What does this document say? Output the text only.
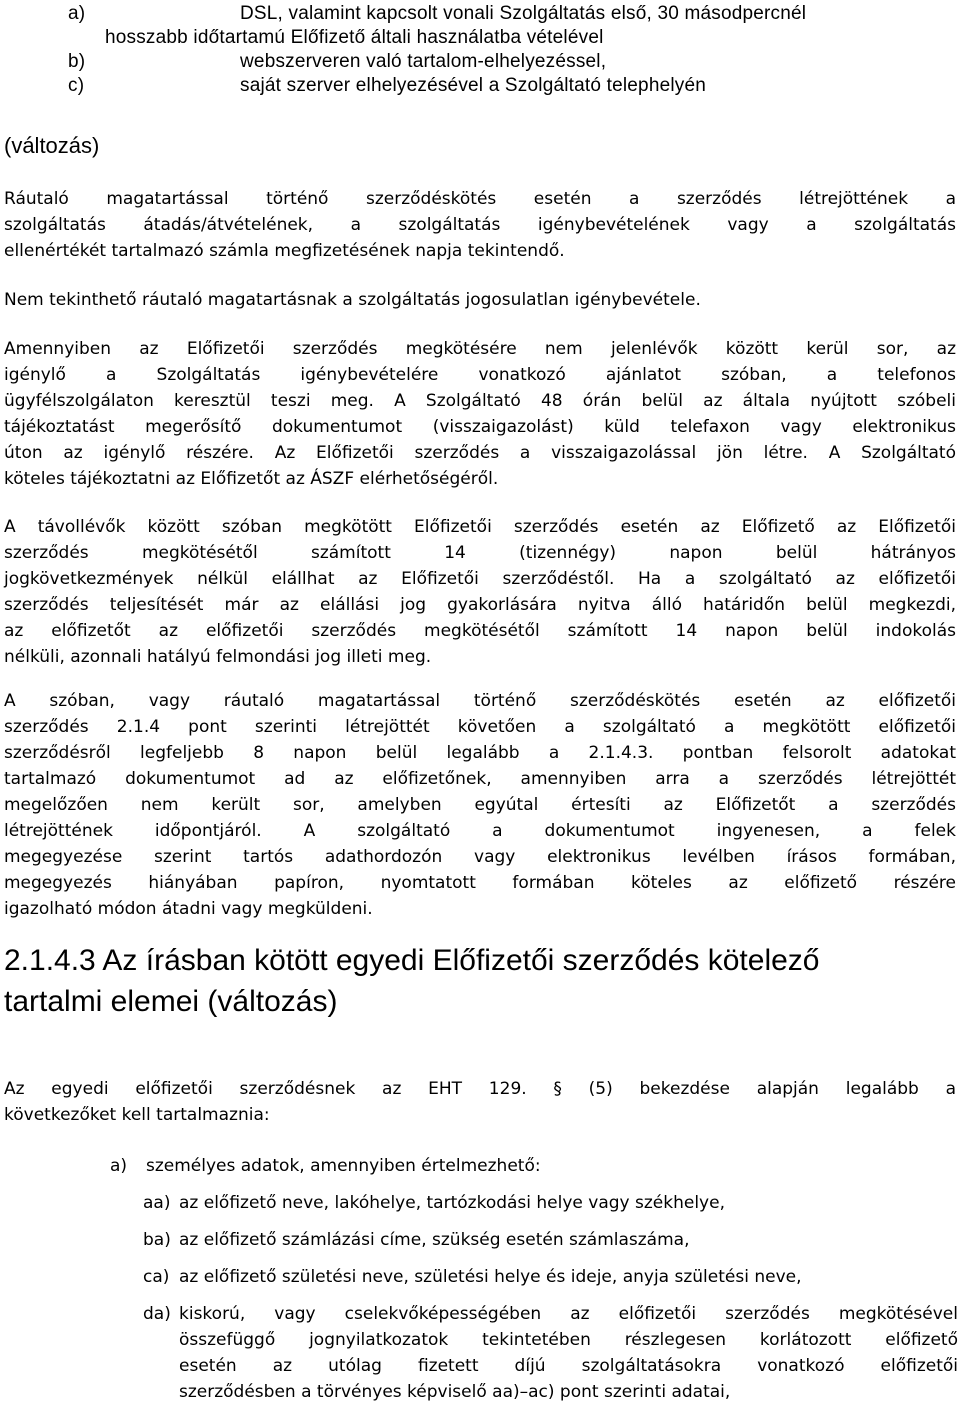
a)	DSL, valamint kapcsolt vonali Szolgáltatás első, 30 másodpercnél
hosszabb időtartamú Előfizető általi használatba vételével
b)	webszerveren való tartalom-elhelyezéssel,
c)	saját szerver elhelyezésével a Szolgáltató telephelyén
(változás)
Ráutaló magatartással történő szerződéskötés esetén a szerződés létrejöttének a
szolgáltatás átadás/átvételének, a szolgáltatás igénybevételének vagy a szolgáltatás
ellenértékét tartalmazó számla megfizetésének napja tekintendő.
Nem tekinthető ráutaló magatartásnak a szolgáltatás jogosulatlan igénybevétele.
Amennyiben az Előfizetői szerződés megkötésére nem jelenlévők között kerül sor, az
igénylő a Szolgáltatás igénybevételére vonatkozó ajánlatot szóban, a telefonos
ügyfélszolgálaton keresztül teszi meg. A Szolgáltató 48 órán belül az általa nyújtott szóbeli
tájékoztatást megerősítő dokumentumot (visszaigazolást) küld telefaxon vagy elektronikus
úton az igénylő részére. Az Előfizetői szerződés a visszaigazolással jön létre. A Szolgáltató
köteles tájékoztatni az Előfizetőt az ÁSZF elérhetőségéről.
A távollévők között szóban megkötött Előfizetői szerződés esetén az Előfizető az Előfizetői
szerződés megkötésétől számított 14 (tizennégy) napon belül hátrányos
jogkövetkezmények nélkül elállhat az Előfizetői szerződéstől. Ha a szolgáltató az előfizetői
szerződés teljesítését már az elállási jog gyakorlására nyitva álló határidőn belül megkezdi,
az előfizetőt az előfizetői szerződés megkötésétől számított 14 napon belül indokolás
nélküli, azonnali hatályú felmondási jog illeti meg.
A szóban, vagy ráutaló magatartással történő szerződéskötés esetén az előfizetői
szerződés 2.1.4 pont szerinti létrejöttét követően a szolgáltató a megkötött előfizetői
szerződésről legfeljebb 8 napon belül legalább a 2.1.4.3. pontban felsorolt adatokat
tartalmazó dokumentumot ad az előfizetőnek, amennyiben arra a szerződés létrejöttét
megelőzően nem került sor, amelyben egyútal értesíti az Előfizetőt a szerződés
létrejöttének időpontjáról. A szolgáltató a dokumentumot ingyenesen, a felek
megegyezése szerint tartós adathordozón vagy elektronikus levélben írásos formában,
megegyezés hiányában papíron, nyomtatott formában köteles az előfizető részére
igazolható módon átadni vagy megküldeni.
2.1.4.3 Az írásban kötött egyedi Előfizetői szerződés kötelező
tartalmi elemei (változás)
Az egyedi előfizetői szerződésnek az EHT 129. § (5) bekezdése alapján legalább a
következőket kell tartalmaznia:
a)	személyes adatok, amennyiben értelmezhető:
aa) az előfizető neve, lakóhelye, tartózkodási helye vagy székhelye,
ba) az előfizető számlázási címe, szükség esetén számlaszáma,
ca) az előfizető születési neve, születési helye és ideje, anyja születési neve,
da) kiskorú, vagy cselekvőképességében az előfizetői szerződés megkötésével
összefüggő jognyilatkozatok tekintetében részlegesen korlátozott előfizető
esetén az utólag fizetett díjú szolgáltatásokra vonatkozó előfizetői
szerződésben a törvényes képviselő aa)–ac) pont szerinti adatai,
